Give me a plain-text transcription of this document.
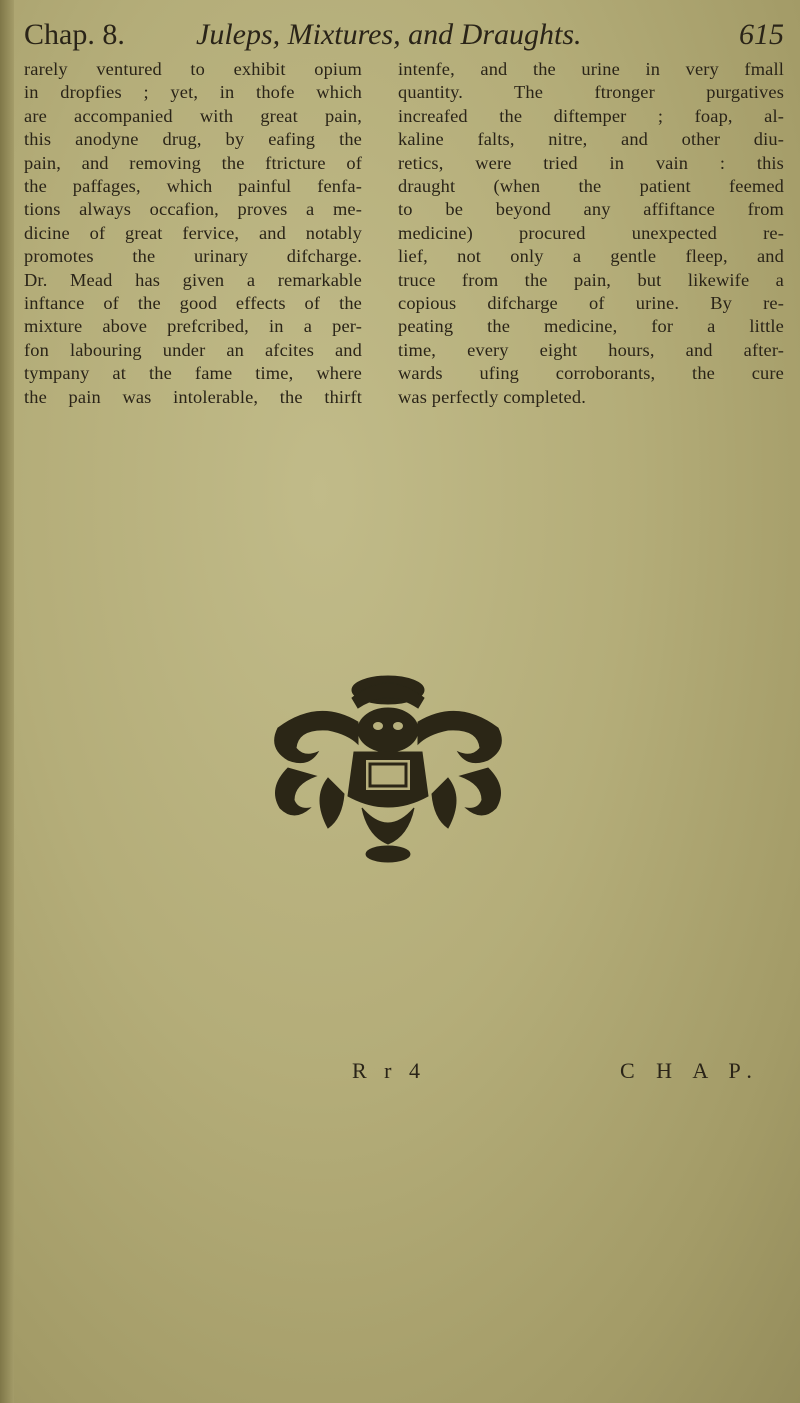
Chap. 8. Juleps, Mixtures, and Draughts.	615
rarely ventured to exhibit opium
in dropfies ; yet, in thofe which
are accompanied with great pain,
this anodyne drug, by eafing the
pain, and removing the ftricture of
the paffages, which painful fenfa-
tions always occafion, proves a me-
dicine of great fervice, and notably
promotes the urinary difcharge.
Dr. Mead has given a remarkable
inftance of the good effects of the
mixture above prefcribed, in a per-
fon labouring under an afcites and
tympany at the fame time, where
the pain was intolerable, the thirft
intenfe, and the urine in very fmall
quantity. The ftronger purgatives
increafed the diftemper ; foap, al-
kaline falts, nitre, and other diu-
retics, were tried in vain : this
draught (when the patient feemed
to be beyond any affiftance from
medicine) procured unexpected re-
lief, not only a gentle fleep, and
truce from the pain, but likewife a
copious difcharge of urine. By re-
peating the medicine, for a little
time, every eight hours, and after-
wards ufing corroborants, the cure
was perfectly completed.
R r 4	C H A P.
